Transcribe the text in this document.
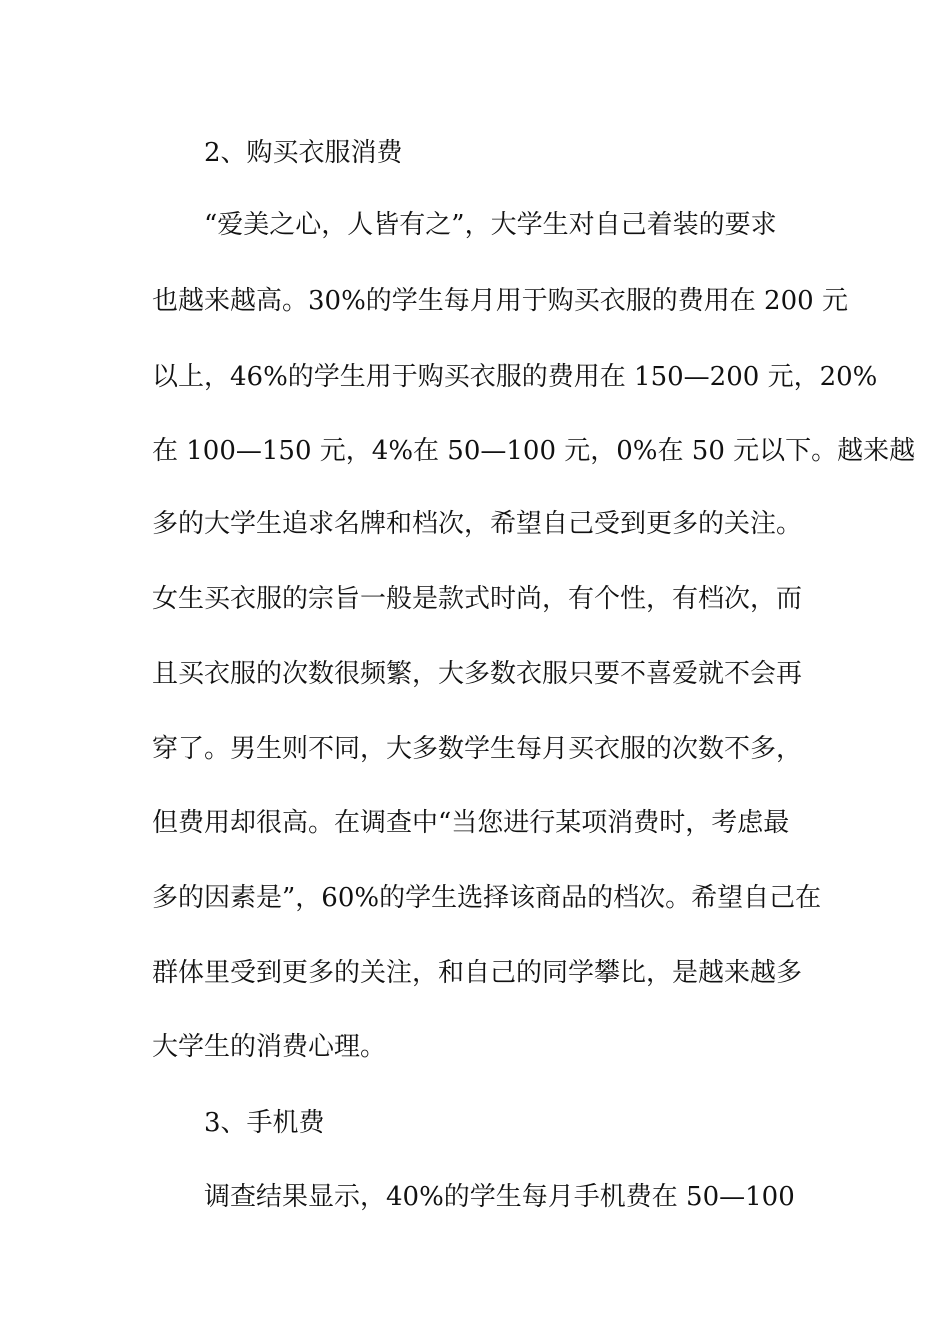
2、购买衣服消费
“爱美之心，人皆有之”，大学生对自己着装的要求
也越来越高。30%的学生每月用于购买衣服的费用在 200 元
以上，46%的学生用于购买衣服的费用在 150—200 元，20%
在 100—150 元，4%在 50—100 元，0%在 50 元以下。越来越
多的大学生追求名牌和档次，希望自己受到更多的关注。
女生买衣服的宗旨一般是款式时尚，有个性，有档次，而
且买衣服的次数很频繁，大多数衣服只要不喜爱就不会再
穿了。男生则不同，大多数学生每月买衣服的次数不多，
但费用却很高。在调查中“当您进行某项消费时，考虑最
多的因素是”，60%的学生选择该商品的档次。希望自己在
群体里受到更多的关注，和自己的同学攀比，是越来越多
大学生的消费心理。
3、手机费
调查结果显示，40%的学生每月手机费在 50—100
